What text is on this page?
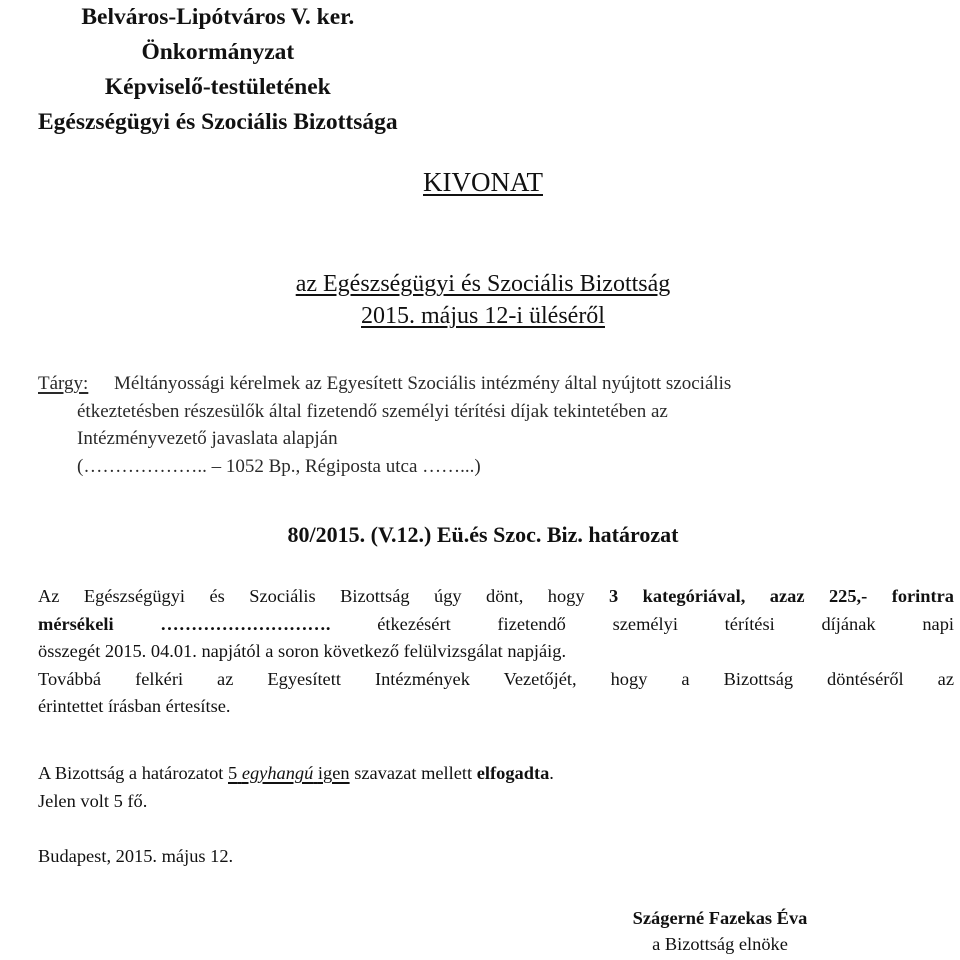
Belváros-Lipótváros V. ker.
Önkormányzat
Képviselő-testületének
Egészségügyi és Szociális Bizottsága
KIVONAT
az Egészségügyi és Szociális Bizottság
2015. május 12-i üléséről
Tárgy: Méltányossági kérelmek az Egyesített Szociális intézmény által nyújtott szociális
étkeztetésben részesülők által fizetendő személyi térítési díjak tekintetében az
Intézményvezető javaslata alapján
(……………….. – 1052 Bp., Régiposta utca ……...)
80/2015. (V.12.) Eü.és Szoc. Biz. határozat
Az Egészségügyi és Szociális Bizottság úgy dönt, hogy 3 kategóriával, azaz 225,- forintra
mérsékeli ……………………….	étkezésért fizetendő személyi térítési díjának napi
összegét 2015. 04.01. napjától a soron következő felülvizsgálat napjáig.
Továbbá felkéri az Egyesített Intézmények Vezetőjét, hogy a Bizottság döntéséről az
érintettet írásban értesítse.
A Bizottság a határozatot 5 egyhangú igen szavazat mellett elfogadta.
Jelen volt 5 fő.
Budapest, 2015. május 12.
Szágerné Fazekas Éva
a Bizottság elnöke
